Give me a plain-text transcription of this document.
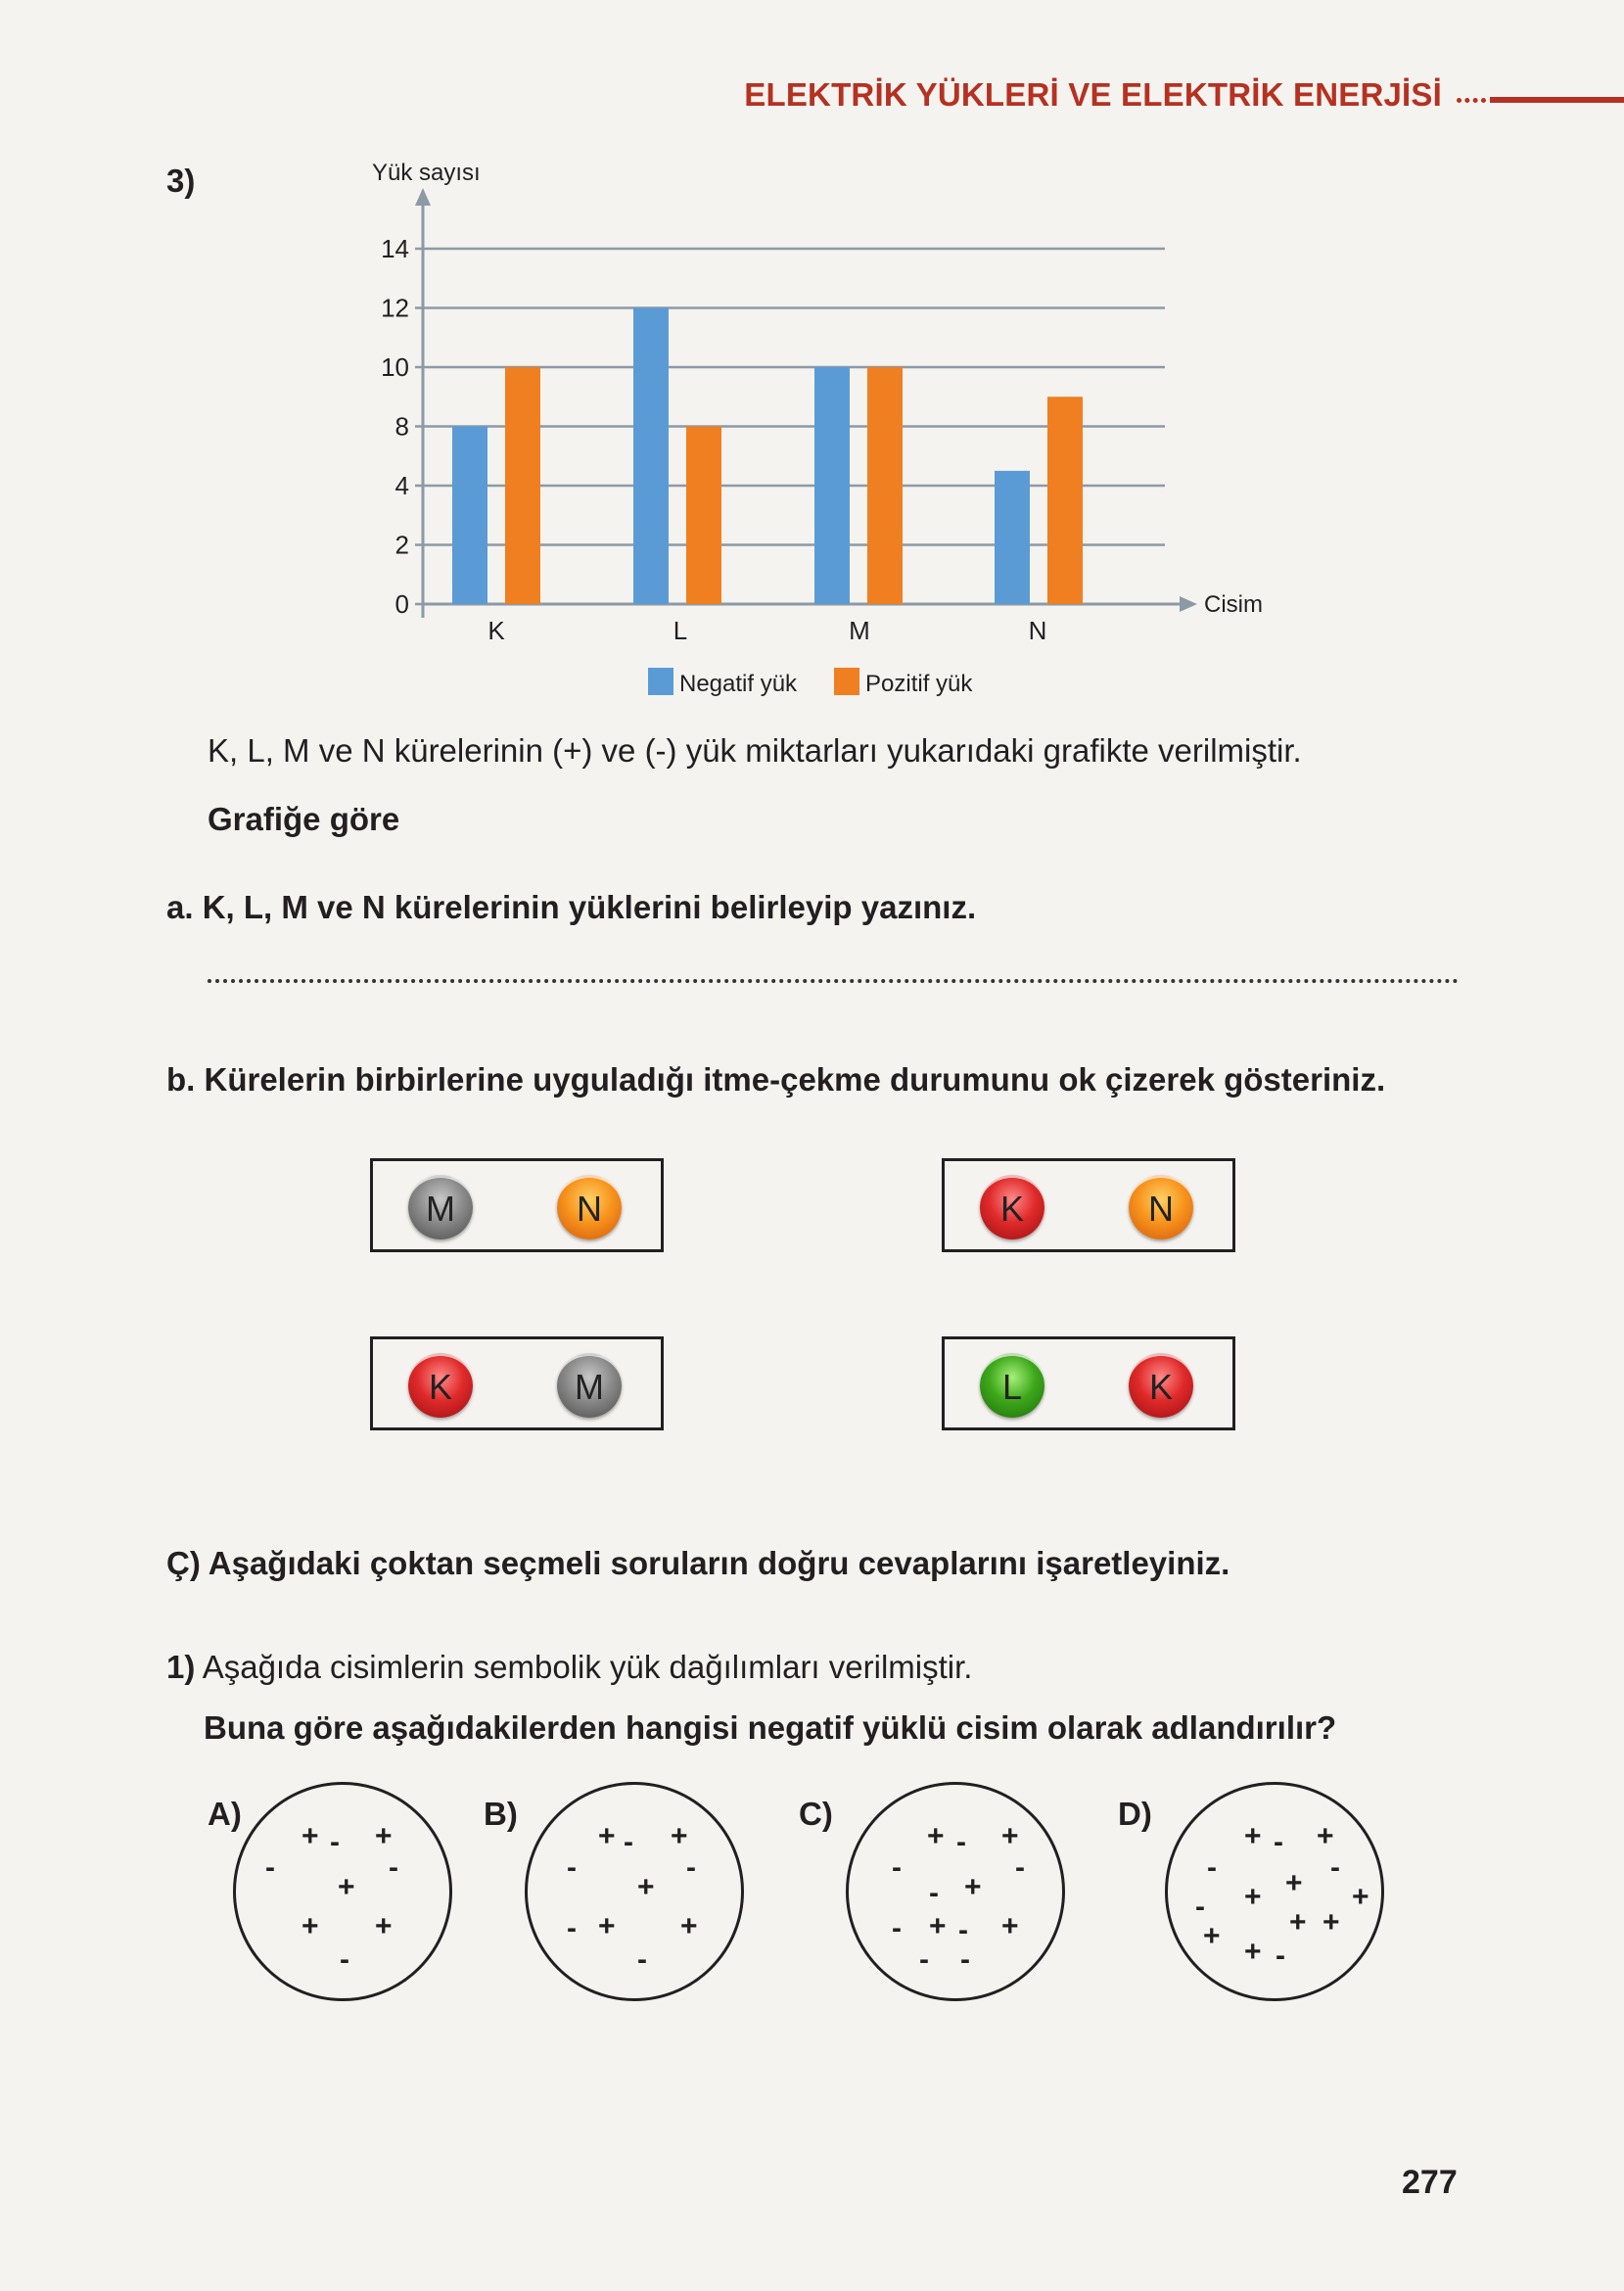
ELEKTRİK YÜKLERİ VE ELEKTRİK ENERJİSİ
3)
0
2
4
8
10
12
14
Yük sayısı
Cisim
K	L	M	N
Negatif yük	Pozitif yük
K, L, M ve N kürelerinin (+) ve (-) yük miktarları yukarıdaki grafikte verilmiştir.
Grafiğe göre
a. K, L, M ve N kürelerinin yüklerini belirleyip yazınız.
b. Kürelerin birbirlerine uyguladığı itme-çekme durumunu ok çizerek gösteriniz.
M	N	K	N
K	M	L	K
Ç) Aşağıdaki çoktan seçmeli soruların doğru cevaplarını işaretleyiniz.
1) Aşağıda cisimlerin sembolik yük dağılımları verilmiştir.
Buna göre aşağıdakilerden hangisi negatif yüklü cisim olarak adlandırılır?
A)	B)	C)	D)
+ - +
-	-
+
+ +
-
+ - +
-	-
+
- + +
-
+ - +
-	-
- +
- + - +
- -
+ - +
-	-
+
+	+
-	+ +
+ + -
277
